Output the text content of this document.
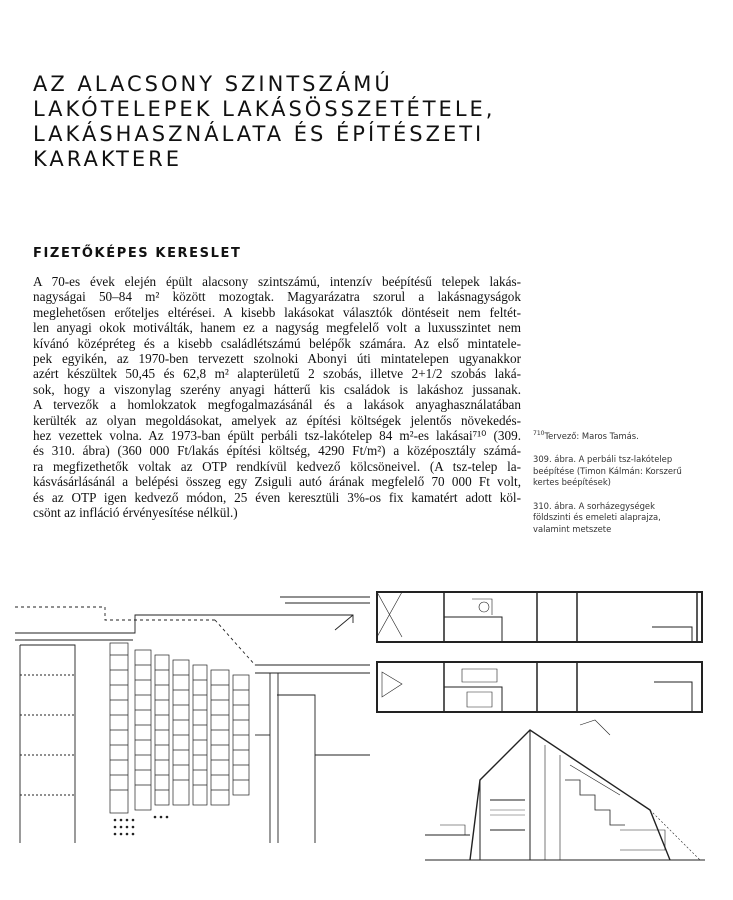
AZ ALACSONY SZINTSZÁMÚ
LAKÓTELEPEK LAKÁSÖSSZETÉTELE,
LAKÁSHASZNÁLATA ÉS ÉPÍTÉSZETI
KARAKTERE
FIZETŐKÉPES KERESLET
A 70-es évek elején épült alacsony szintszámú, intenzív beépítésű telepek lakás-
nagyságai 50–84 m² között mozogtak. Magyarázatra szorul a lakásnagyságok
meglehetősen erőteljes eltérései. A kisebb lakásokat választók döntéseit nem feltét-
len anyagi okok motiválták, hanem ez a nagyság megfelelő volt a luxusszintet nem
kívánó középréteg és a kisebb családlétszámú belépők számára. Az első mintatele-
pek egyikén, az 1970-ben tervezett szolnoki Abonyi úti mintatelepen ugyanakkor
azért készültek 50,45 és 62,8 m² alapterületű 2 szobás, illetve 2+1/2 szobás laká-
sok, hogy a viszonylag szerény anyagi hátterű kis családok is lakáshoz jussanak.
A tervezők a homlokzatok megfogalmazásánál és a lakások anyaghasználatában
kerülték az olyan megoldásokat, amelyek az építési költségek jelentős növekedés-
hez vezettek volna. Az 1973-ban épült perbáli tsz-lakótelep 84 m²-es lakásai⁷¹⁰ (309.
és 310. ábra) (360 000 Ft/lakás építési költség, 4290 Ft/m²) a középosztály számá-
ra megfizethetők voltak az OTP rendkívül kedvező kölcsöneivel. (A tsz-telep la-
kásvásárlásánál a belépési összeg egy Zsiguli autó árának megfelelő 70 000 Ft volt,
és az OTP igen kedvező módon, 25 éven keresztüli 3%-os fix kamatért adott köl-
csönt az infláció érvényesítése nélkül.)

$^{710}$Tervező: Maros Tamás.

309. ábra. A perbáli tsz-lakótelep
beépítése (Timon Kálmán: Korszerű
kertes beépítések)

310. ábra. A sorházegységek
földszinti és emeleti alaprajza,
valamint metszete
